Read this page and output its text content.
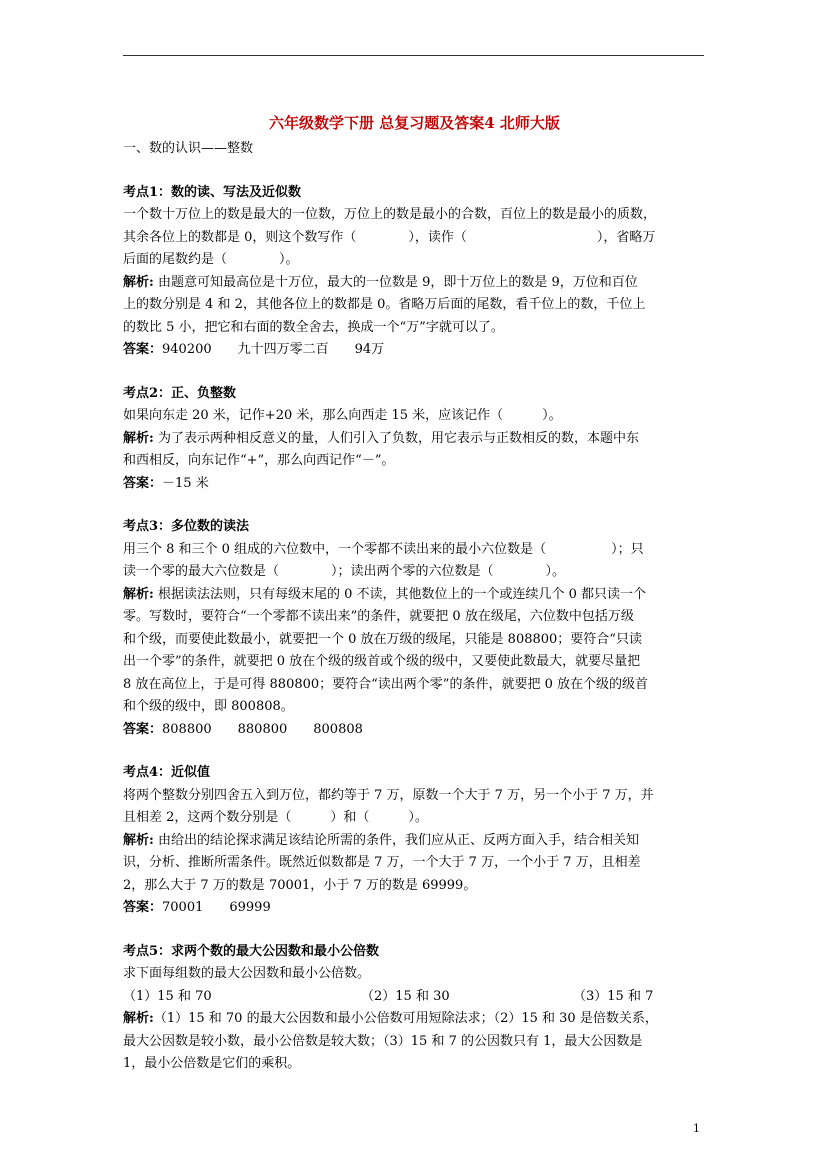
六年级数学下册 总复习题及答案4 北师大版
一、数的认识——整数
考点1：数的读、写法及近似数
一个数十万位上的数是最大的一位数，万位上的数是最小的合数，百位上的数是最小的质数，
其余各位上的数都是 0，则这个数写作（　　　　），读作（　　　　　　　　　　），省略万
后面的尾数约是（　　　　）。
解析: 由题意可知最高位是十万位，最大的一位数是 9，即十万位上的数是 9，万位和百位
上的数分别是 4 和 2，其他各位上的数都是 0。省略万后面的尾数，看千位上的数，千位上
的数比 5 小，把它和右面的数全舍去，换成一个“万”字就可以了。
答案：940200　　九十四万零二百　　94万
考点2：正、负整数
如果向东走 20 米，记作+20 米，那么向西走 15 米，应该记作（　　　）。
解析: 为了表示两种相反意义的量，人们引入了负数，用它表示与正数相反的数，本题中东
和西相反，向东记作“+”，那么向西记作“－”。
答案：－15 米
考点3：多位数的读法
用三个 8 和三个 0 组成的六位数中，一个零都不读出来的最小六位数是（　　　　　）；只
读一个零的最大六位数是（　　　　）；读出两个零的六位数是（　　　　）。
解析: 根据读法法则，只有每级末尾的 0 不读，其他数位上的一个或连续几个 0 都只读一个
零。写数时，要符合“一个零都不读出来”的条件，就要把 0 放在级尾，六位数中包括万级
和个级，而要使此数最小，就要把一个 0 放在万级的级尾，只能是 808800；要符合“只读
出一个零”的条件，就要把 0 放在个级的级首或个级的级中，又要使此数最大，就要尽量把
8 放在高位上，于是可得 880800；要符合“读出两个零”的条件，就要把 0 放在个级的级首
和个级的级中，即 800808。
答案：808800　　880800　　800808
考点4：近似值
将两个整数分别四舍五入到万位，都约等于 7 万，原数一个大于 7 万，另一个小于 7 万，并
且相差 2，这两个数分别是（　　　）和（　　　）。
解析: 由给出的结论探求满足该结论所需的条件，我们应从正、反两方面入手，结合相关知
识，分析、推断所需条件。既然近似数都是 7 万，一个大于 7 万，一个小于 7 万，且相差
2，那么大于 7 万的数是 70001，小于 7 万的数是 69999。
答案：70001　　69999
考点5：求两个数的最大公因数和最小公倍数
求下面每组数的最大公因数和最小公倍数。
（1）15 和 70	（2）15 和 30	（3）15 和 7
解析:（1）15 和 70 的最大公因数和最小公倍数可用短除法求；（2）15 和 30 是倍数关系，
最大公因数是较小数，最小公倍数是较大数；（3）15 和 7 的公因数只有 1，最大公因数是
1，最小公倍数是它们的乘积。
1
